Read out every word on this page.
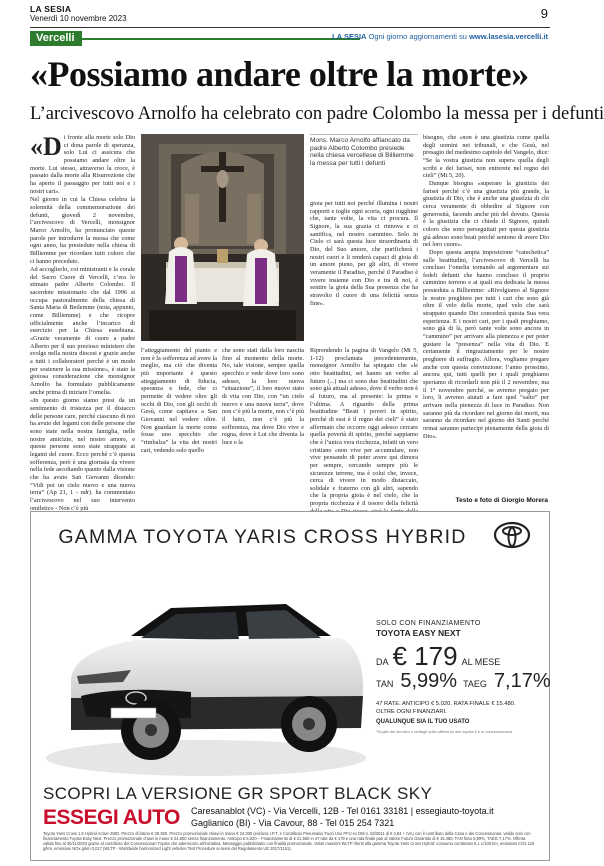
LA SESIA
Venerdì 10 novembre 2023	9
Vercelli	LA SESIA Ogni giorno aggiornamenti su www.lasesia.vercelli.it
«Possiamo andare oltre la morte»
L’arcivescovo Arnolfo ha celebrato con padre Colombo la messa per i defunti
«D i fronte alla morte solo Dio ci dona parole di speranza, solo Lui ci assicura che possiamo andare oltre la morte. Lui stesso, attraverso la croce, è passato dalla morte alla Risurrezione che ha aperto il passaggio per tutti noi e i nostri cari».

Nel giorno in cui la Chiesa celebra la solennità della commemorazione dei defunti, giovedì 2 novembre, l’arcivescovo di Vercelli, monsignor Marco Arnolfo, ha pronunciato queste parole per introdurre la messa che come ogni anno, ha presieduto nella chiesa di Billiemme per ricordare tutti coloro che ci hanno preceduto.

Ad accoglierlo, coi ministranti e la corale del Sacro Cuore di Vercelli, c’era lo stimato padre Alberto Colombo. Il sacerdote missionario che dal 1996 si occupa pastoralmente della chiesa di Santa Maria di Betlemme (nota, appunto, come Billiemme) e che ricopre ufficialmente anche l’incarico di esercizio per la Chiesa eusebiana. «Grazie veramente di cuore a padre Alberto per il suo prezioso ministero che svolge nella nostra diocesi e grazie anche a tutti i collaboratori perché è un modo per sostenere la sua missione», è stato la gioiosa considerazione che monsignor Arnolfo ha formulato pubblicamente anche prima di iniziare l’omelia.

«In questo giorno siamo presi da un sentimento di tristezza per il distacco delle persone care, perché ciascuno di noi ha avuto dei legami con delle persone che sono state nella nostra famiglia, nelle nostre amicizie, nel nostro amore, e queste persone sono state strappate ai legami del cuore. Ecco perché c’è questa sofferenza, però è una giornata da vivere nella fede ascoltando quanto dalla visione che ha avuto San Giovanni dicendo: “Vidi poi un cielo nuovo e una nuova terra” (Ap 21, 1 - ndr). ha commentato l’arcivescovo nel suo intervento omiletico - Non c’è più

Mons. Marco Arnolfo affiancato da padre Alberto Colombo presiede nella chiesa vercellese di Billiemme la messa per tutti i defunti
gioia per tutti noi perché illumina i nostri rapporti e toglie ogni scoria, ogni rugghine che, tante volte, la vita ci procura. Il Signore, la sua grazia ci rinnova e ci santifica, nel nostro cammino. Solo in Cielo ci sarà questa luce straordinaria di Dio, del Suo amore, che purificherà i nostri cuori e li renderà capaci di gioia di un amore pieno, per gli altri, di vivere veramente il Paradiso, perché il Paradiso è vivere insieme con Dio e tra di noi, è sentire la gioia della Sua presenza che ha stravolto il cuore di una felicità senza fine».

bisogno, che «non è una giustizia come quella degli uomini nei tribunali, e che Gesù, nel presagio del medesimo capitolo del Vangelo, dice: “Se la vostra giustizia non supera quella degli scribi e dei farisei, non entrerete nel regno dei cieli” (Mt 5, 20).

Dunque bisogna «superare la giustizia dei farisei perché c’è una giustizia più grande, la giustizia di Dio, che è anche una giustizia di chi cerca veramente di obbedire al Signore con generosità, facendo anche più del dovuto. Questa è la giustizia che ci chiede il Signore, quindi coloro che sono perseguitati per questa giustizia già adesso sono beati perché sentono di avere Dio nel loro cuore».

Dopo questa ampia imposizione “catechetica” sulle beatitudini, l’arcivescovo di Vercelli ha concluso l’omelia tornando ad argomentare sui fedeli defunti che hanno concluso il proprio cammino terreno e ai quali era dedicata la messa presieduta a Billiemme: «Rivolgiamo al Signore le nostre preghiere per tutti i cari che sono già oltre il velo della morte, quel velo che sarà strappato quando Dio concederà questa Sua vera esperienza. E i nostri cari, per i quali preghiamo, sono già di là, però tante volte sono ancora in “cammino” per arrivare alla pienezza e per poter gustare la “presenza” nella vita di Dio. E certamente il ringraziamento per le nostre preghiere di suffragio. Allora, vogliamo pregare anche con questa convinzione: l’anno prossimo, ancora qui, tutti quelli per i quali preghiamo speriamo di ricordarli non più il 2 novembre, ma il 1° novembre perché, se avremo pregato per loro, li avremo aiutati a fare quel “salto” per arrivare nella pienezza di luce in Paradiso. Non saranno più da ricordare nel giorno dei morti, ma saranno da ricordare nel giorno dei Santi perché ormai saranno partecipi pienamente della gioia di Dio».

l’atteggiamento del pianto e non è la sofferenza ad avere la meglio, ma ciò che diventa più importante è questo atteggiamento di fiducia, speranza e fede, che ci permette di vedere oltre gli occhi di Dio, con gli occhi di Gesù, come capitava a San Giovanni nel vedere oltre. Non guardare la morte come fosse uno specchio che “rimbalza” la vita dei nostri cari, vedendo solo quello
che sono stati dalla loro nascita fino al momento della morte. No, tale visione, sempre quella specchio e vede dove loro sono adesso, la loro nuova “situazione”, il loro nuovo stato di vita con Dio, con “un cielo nuovo e una nuova terra”, dove non c’è più la morte, non c’è più il lutto, non c’è più la sofferenza, ma dove Dio vive e regna, dove è Lui che diventa la luce e la
Riprendendo la pagina di Vangelo (Mt 5, 1-12) proclamata precedentemente, monsignor Arnolfo ha spiegato che «le otto beatitudini, sei hanno un verbo al futuro (...) ma ci sono due beatitudini che sono già attuali adesso, dove il verbo non è al futuro, ma al presente: la prima e l’ultima. A riguardo della prima beatitudine “Beati i poveri in spirito, perché di essi è il regno dei cieli” è stato affermato che occorre oggi adesso cercare quella povertà di spirito, perché sappiamo che è l’unica vera ricchezza, infatti un vero cristiano «non vive per accumulare, non vive pensando di poter avere qui dimora per sempre, cercando sempre più le sicurezze terrene, ma è colui che, invece, cerca di vivere in modo distaccato, solidale e fraterno con gli altri, sapendo che la propria gioia è nel cielo, che la propria ricchezza è il tesoro della felicità	Testo e foto di Giorgio Morera
GAMMA TOYOTA YARIS CROSS HYBRID
SOLO CON FINANZIAMENTO
TOYOTA EASY NEXT
DA € 179 AL MESE
TAN 5,99% TAEG 7,17%
47 RATE. ANTICIPO € 5.020. RATA FINALE € 15.480.
OLTRE OGNI FINANZIARI.
QUALUNQUE SIA IL TUO USATO
*Soglie del servizio e dettagli sulla offerta su sito toyota.it e in concessionaria
SCOPRI LA VERSIONE GR SPORT BLACK SKY
ESSEGI AUTO Caresanablot (VC) - Via Vercelli, 12B - Tel 0161 33181 | essegiauto-toyota.it
Gaglianico (BI) - Via Cavour, 88 - Tel 015 254 7321
Toyota Yaris Cross 1.5 Hybrid Active 2WD. Prezzo di listino € 28.350. Prezzo promozionale chiavi in mano € 24.300 (esclusa I.P.T. e Contributo Pneumatici Fuori Uso PFU ex DM n. 82/2011 di € 4,94 + IVA) con il contributo della Casa e dei Concessionari, valido solo con finanziamento Toyota Easy Next. Prezzo promozionale chiavi in mano € 24.800 senza finanziamento. Anticipo € 5.020 – Finanziamento di € 21.560 in 47 rate da € 179 e una rata finale pari al Valore Futuro Garantito di € 15.480. TAN fisso 5,99%, TAEG 7,17%. Offerta valida fino al 30/11/2023 grazie al contributo dei Concessionari Toyota che aderiscono all’iniziativa. Messaggio pubblicitario con finalità promozionale. Valori massimi WLTP riferiti alla gamma Toyota Yaris Cross Hybrid: consumo combinato 5,1 L/100 km, emissioni CO2 115 g/km, emissioni NOx g/km 0,017 (WLTP - Worldwide harmonized Light vehicles Test Procedure ai sensi del Regolamento UE 2017/1151).
